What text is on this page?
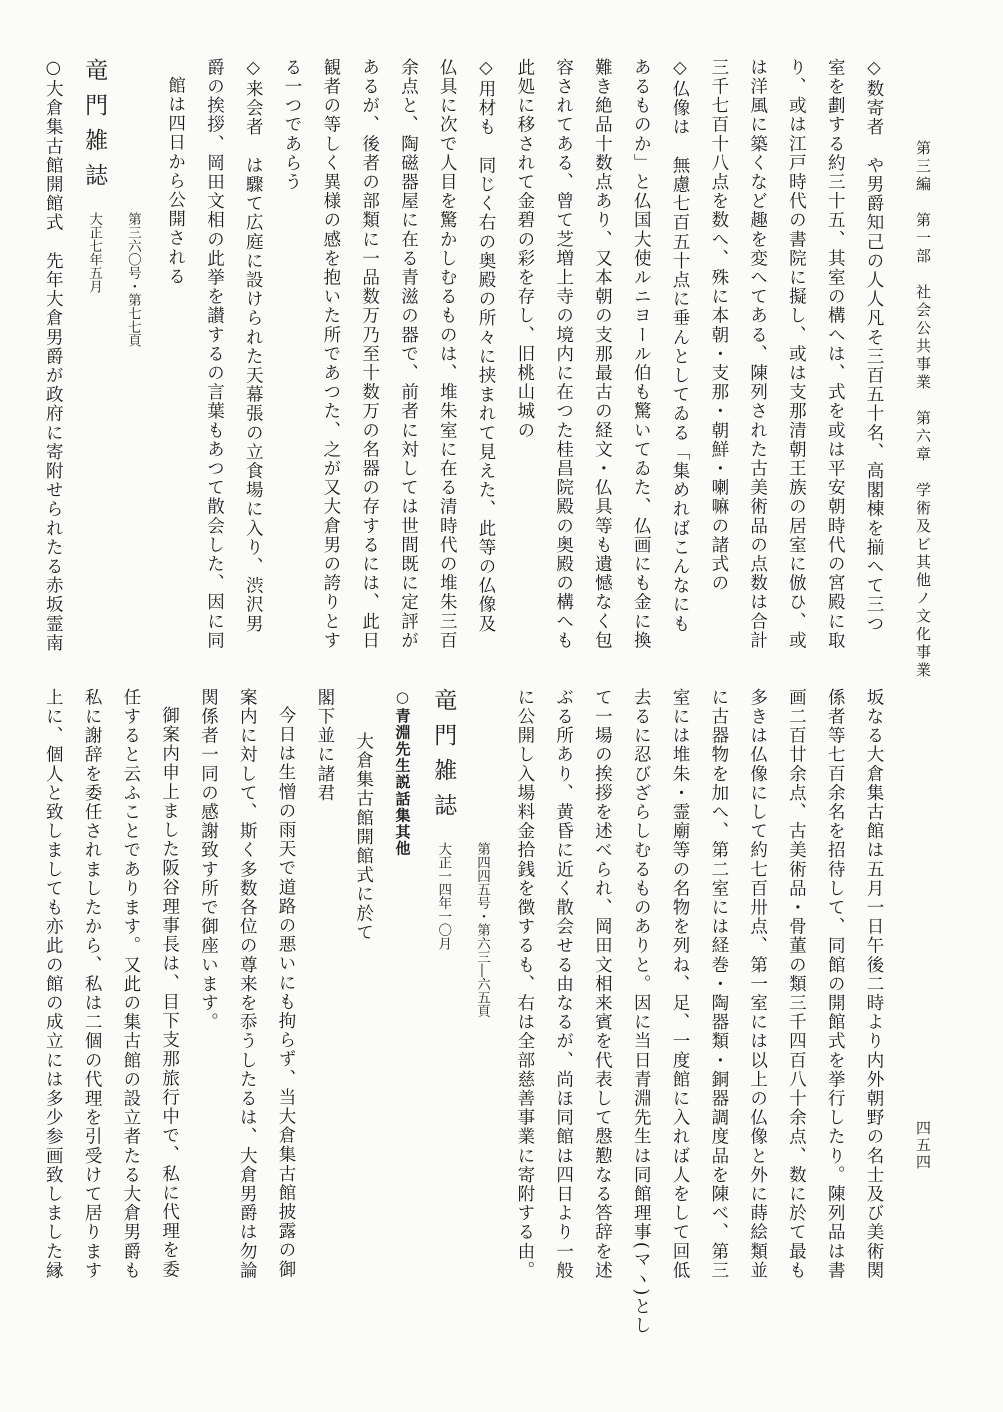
第三編　第一部　社会公共事業　第六章　学術及ビ其他ノ文化事業
四五四
◇数寄者　や男爵知己の人人凡そ三百五十名、高閣棟を揃へて三つ
室を劃する約三十五、其室の構へは、式を或は平安朝時代の宮殿に取
り、或は江戸時代の書院に擬し、或は支那清朝王族の居室に倣ひ、或
は洋風に築くなど趣を変へてある、陳列された古美術品の点数は合計
三千七百十八点を数へ、殊に本朝・支那・朝鮮・喇嘛の諸式の
◇仏像は　無慮七百五十点に垂んとしてゐる「集めればこんなにも
あるものか」と仏国大使ルニヨール伯も驚いてゐた、仏画にも金に換
難き絶品十数点あり、又本朝の支那最古の経文・仏具等も遺憾なく包
容されてある、曾て芝増上寺の境内に在つた桂昌院殿の奥殿の構へも
此処に移されて金碧の彩を存し、旧桃山城の
◇用材も　同じく右の奥殿の所々に挟まれて見えた、此等の仏像及
仏具に次で人目を驚かしむるものは、堆朱室に在る清時代の堆朱三百
余点と、陶磁器屋に在る青滋の器で、前者に対しては世間既に定評が
あるが、後者の部類に一品数万乃至十数万の名器の存するには、此日
観者の等しく異様の感を抱いた所であつた、之が又大倉男の誇りとす
る一つであらう
◇来会者　は驟て広庭に設けられた天幕張の立食場に入り、渋沢男
爵の挨拶、岡田文相の此挙を讃するの言葉もあつて散会した、因に同
館は四日から公開される
竜門雑誌第三六〇号・第七七頁
大正七年五月
○大倉集古館開館式　先年大倉男爵が政府に寄附せられたる赤坂霊南
坂なる大倉集古館は五月一日午後二時より内外朝野の名士及び美術関
係者等七百余名を招待して、同館の開館式を挙行したり。陳列品は書
画二百廿余点、古美術品・骨董の類三千四百八十余点、数に於て最も
多きは仏像にして約七百卅点、第一室には以上の仏像と外に蒔絵類並
に古器物を加へ、第二室には経巻・陶器類・銅器調度品を陳べ、第三
室には堆朱・霊廟等の名物を列ね、足、一度館に入れば人をして回低
去るに忍びざらしむるものありと。因に当日青淵先生は同館理事(マヽ)とし
て一場の挨拶を述べられ、岡田文相来賓を代表して慇懃なる答辞を述
ぶる所あり、黄昏に近く散会せる由なるが、尚ほ同館は四日より一般
に公開し入場料金拾銭を徴するも、右は全部慈善事業に寄附する由。
竜門雑誌第四四五号・第六三―六五頁
大正一四年一〇月
○青淵先生説話集其他
大倉集古館開館式に於て
閣下並に諸君
今日は生憎の雨天で道路の悪いにも拘らず、当大倉集古館披露の御
案内に対して、斯く多数各位の尊来を忝うしたるは、大倉男爵は勿論
関係者一同の感謝致す所で御座います。
御案内申上ました阪谷理事長は、目下支那旅行中で、私に代理を委
任すると云ふことであります。又此の集古館の設立者たる大倉男爵も
私に謝辞を委任されましたから、私は二個の代理を引受けて居ります
上に、個人と致しましても亦此の館の成立には多少参画致しました縁
